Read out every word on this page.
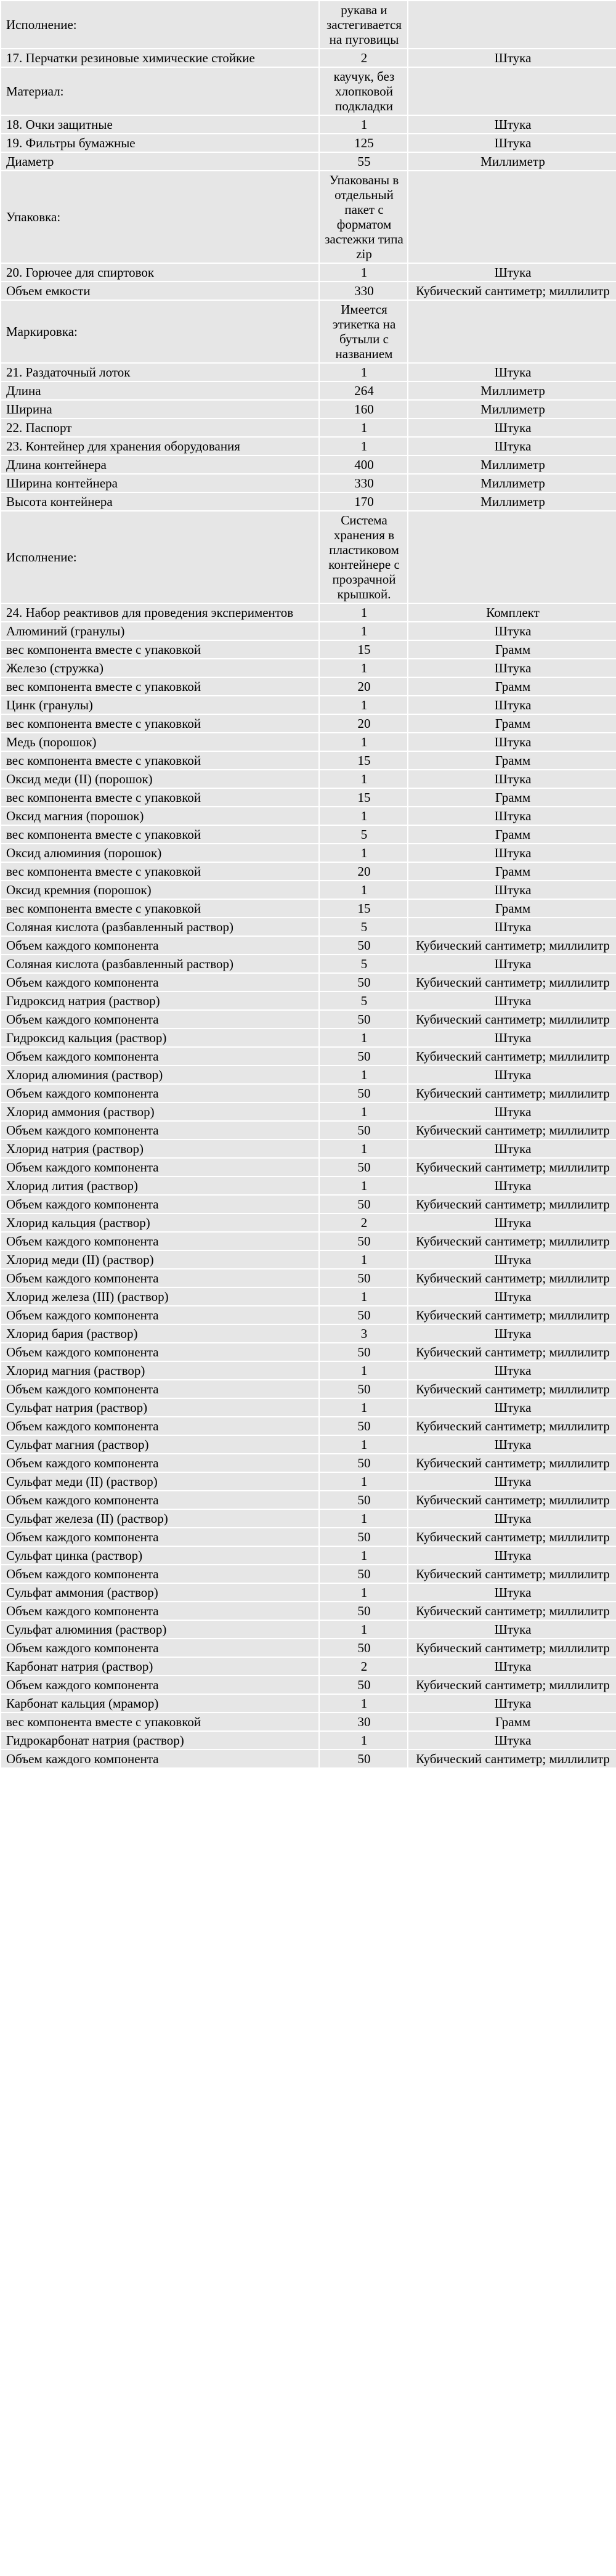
Исполнение:	рукава и застегивается на пуговицы	
17. Перчатки резиновые химические стойкие	2	Штука
Материал:	каучук, без хлопковой подкладки	
18. Очки защитные	1	Штука
19. Фильтры бумажные	125	Штука
Диаметр	55	Миллиметр
Упаковка:	Упакованы в отдельный пакет с форматом застежки типа zip	
20. Горючее для спиртовок	1	Штука
Объем емкости	330	Кубический сантиметр; миллилитр
Маркировка:	Имеется этикетка на бутыли с названием	
21. Раздаточный лоток	1	Штука
Длина	264	Миллиметр
Ширина	160	Миллиметр
22. Паспорт	1	Штука
23. Контейнер для хранения оборудования	1	Штука
Длина контейнера	400	Миллиметр
Ширина контейнера	330	Миллиметр
Высота контейнера	170	Миллиметр
Исполнение:	Система хранения в пластиковом контейнере с прозрачной крышкой.	
24. Набор реактивов для проведения экспериментов	1	Комплект
Алюминий (гранулы)	1	Штука
вес компонента вместе с упаковкой	15	Грамм
Железо (стружка)	1	Штука
вес компонента вместе с упаковкой	20	Грамм
Цинк (гранулы)	1	Штука
вес компонента вместе с упаковкой	20	Грамм
Медь (порошок)	1	Штука
вес компонента вместе с упаковкой	15	Грамм
Оксид меди (II) (порошок)	1	Штука
вес компонента вместе с упаковкой	15	Грамм
Оксид магния (порошок)	1	Штука
вес компонента вместе с упаковкой	5	Грамм
Оксид алюминия (порошок)	1	Штука
вес компонента вместе с упаковкой	20	Грамм
Оксид кремния (порошок)	1	Штука
вес компонента вместе с упаковкой	15	Грамм
Соляная кислота (разбавленный раствор)	5	Штука
Объем каждого компонента	50	Кубический сантиметр; миллилитр
Соляная кислота (разбавленный раствор)	5	Штука
Объем каждого компонента	50	Кубический сантиметр; миллилитр
Гидроксид натрия (раствор)	5	Штука
Объем каждого компонента	50	Кубический сантиметр; миллилитр
Гидроксид кальция (раствор)	1	Штука
Объем каждого компонента	50	Кубический сантиметр; миллилитр
Хлорид алюминия (раствор)	1	Штука
Объем каждого компонента	50	Кубический сантиметр; миллилитр
Хлорид аммония (раствор)	1	Штука
Объем каждого компонента	50	Кубический сантиметр; миллилитр
Хлорид натрия (раствор)	1	Штука
Объем каждого компонента	50	Кубический сантиметр; миллилитр
Хлорид лития (раствор)	1	Штука
Объем каждого компонента	50	Кубический сантиметр; миллилитр
Хлорид кальция (раствор)	2	Штука
Объем каждого компонента	50	Кубический сантиметр; миллилитр
Хлорид меди (II) (раствор)	1	Штука
Объем каждого компонента	50	Кубический сантиметр; миллилитр
Хлорид железа (III) (раствор)	1	Штука
Объем каждого компонента	50	Кубический сантиметр; миллилитр
Хлорид бария (раствор)	3	Штука
Объем каждого компонента	50	Кубический сантиметр; миллилитр
Хлорид магния (раствор)	1	Штука
Объем каждого компонента	50	Кубический сантиметр; миллилитр
Сульфат натрия (раствор)	1	Штука
Объем каждого компонента	50	Кубический сантиметр; миллилитр
Сульфат магния (раствор)	1	Штука
Объем каждого компонента	50	Кубический сантиметр; миллилитр
Сульфат меди (II) (раствор)	1	Штука
Объем каждого компонента	50	Кубический сантиметр; миллилитр
Сульфат железа (II) (раствор)	1	Штука
Объем каждого компонента	50	Кубический сантиметр; миллилитр
Сульфат цинка (раствор)	1	Штука
Объем каждого компонента	50	Кубический сантиметр; миллилитр
Сульфат аммония (раствор)	1	Штука
Объем каждого компонента	50	Кубический сантиметр; миллилитр
Сульфат алюминия (раствор)	1	Штука
Объем каждого компонента	50	Кубический сантиметр; миллилитр
Карбонат натрия (раствор)	2	Штука
Объем каждого компонента	50	Кубический сантиметр; миллилитр
Карбонат кальция (мрамор)	1	Штука
вес компонента вместе с упаковкой	30	Грамм
Гидрокарбонат натрия (раствор)	1	Штука
Объем каждого компонента	50	Кубический сантиметр; миллилитр
